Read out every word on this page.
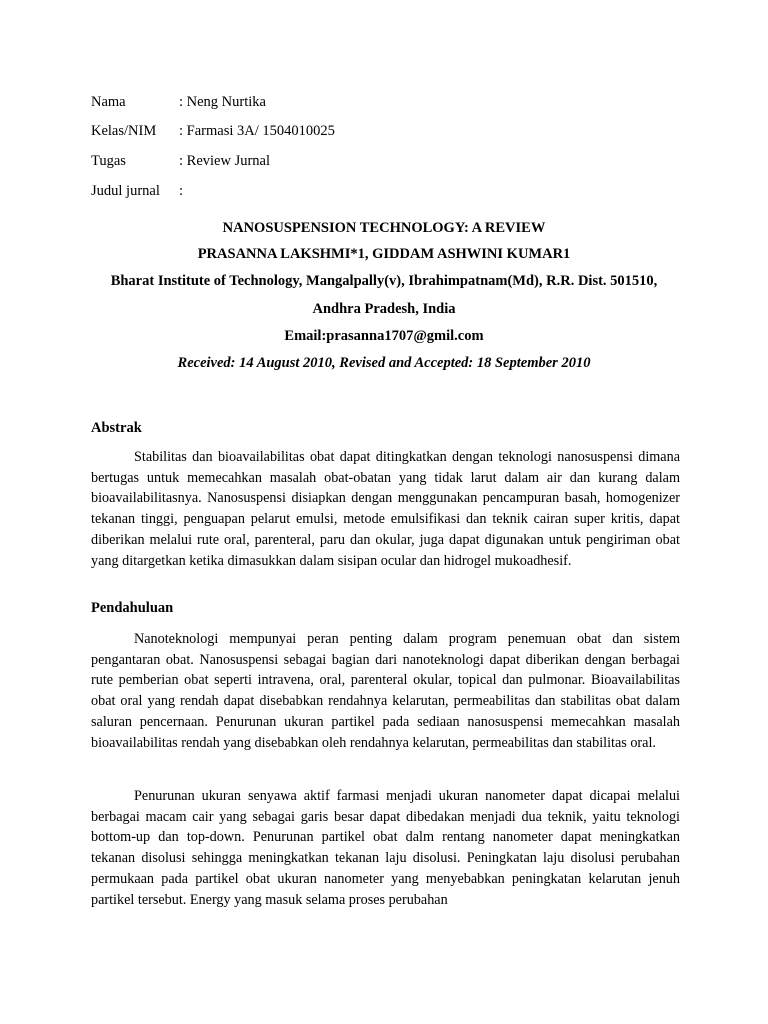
Nama	: Neng Nurtika
Kelas/NIM : Farmasi 3A/ 1504010025
Tugas	: Review Jurnal
Judul jurnal :
NANOSUSPENSION TECHNOLOGY: A REVIEW
PRASANNA LAKSHMI*1, GIDDAM ASHWINI KUMAR1
Bharat Institute of Technology, Mangalpally(v), Ibrahimpatnam(Md), R.R. Dist. 501510,
Andhra Pradesh, India
Email:prasanna1707@gmil.com
Received: 14 August 2010, Revised and Accepted: 18 September 2010
Abstrak

Stabilitas dan bioavailabilitas obat dapat ditingkatkan dengan teknologi nanosuspensi dimana bertugas untuk memecahkan masalah obat-obatan yang tidak larut dalam air dan kurang dalam bioavailabilitasnya. Nanosuspensi disiapkan dengan menggunakan pencampuran basah, homogenizer tekanan tinggi, penguapan pelarut emulsi, metode emulsifikasi dan teknik cairan super kritis, dapat diberikan melalui rute oral, parenteral, paru dan okular, juga dapat digunakan untuk pengiriman obat yang ditargetkan ketika dimasukkan dalam sisipan ocular dan hidrogel mukoadhesif.

Pendahuluan

Nanoteknologi mempunyai peran penting dalam program penemuan obat dan sistem pengantaran obat. Nanosuspensi sebagai bagian dari nanoteknologi dapat diberikan dengan berbagai rute pemberian obat seperti intravena, oral, parenteral okular, topical dan pulmonar. Bioavailabilitas obat oral yang rendah dapat disebabkan rendahnya kelarutan, permeabilitas dan stabilitas obat dalam saluran pencernaan. Penurunan ukuran partikel pada sediaan nanosuspensi memecahkan masalah bioavailabilitas rendah yang disebabkan oleh rendahnya kelarutan, permeabilitas dan stabilitas oral.

Penurunan ukuran senyawa aktif farmasi menjadi ukuran nanometer dapat dicapai melalui berbagai macam cair yang sebagai garis besar dapat dibedakan menjadi dua teknik, yaitu teknologi bottom-up dan top-down. Penurunan partikel obat dalm rentang nanometer dapat meningkatkan tekanan disolusi sehingga meningkatkan tekanan laju disolusi. Peningkatan laju disolusi perubahan permukaan pada partikel obat ukuran nanometer yang menyebabkan peningkatan kelarutan jenuh partikel tersebut. Energy yang masuk selama proses perubahan
